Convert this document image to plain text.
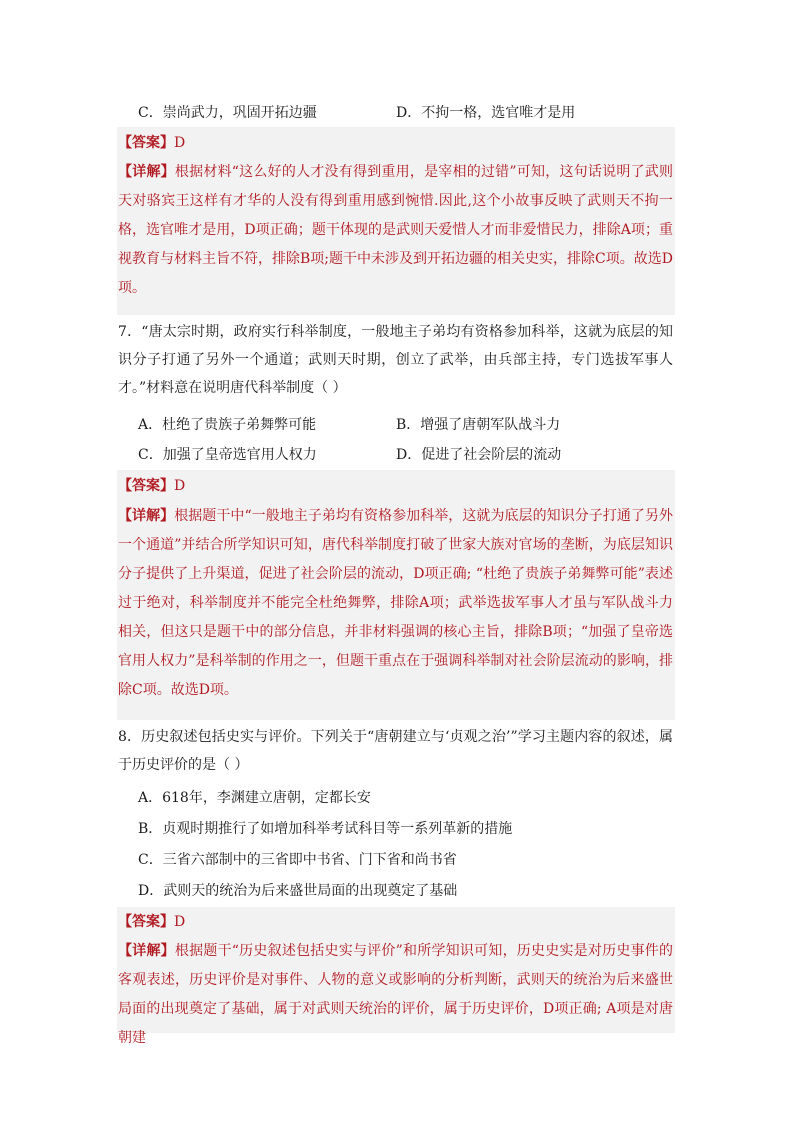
C．崇尚武力，巩固开拓边疆	D．不拘一格，选官唯才是用
【答案】D
【详解】根据材料“这么好的人才没有得到重用，是宰相的过错”可知，这句话说明了武则天对骆宾王这样有才华的人没有得到重用感到惋惜.因此,这个小故事反映了武则天不拘一格，选官唯才是用，D项正确；题干体现的是武则天爱惜人才而非爱惜民力，排除A项；重视教育与材料主旨不符，排除B项;题干中未涉及到开拓边疆的相关史实，排除C项。故选D项。
7．“唐太宗时期，政府实行科举制度，一般地主子弟均有资格参加科举，这就为底层的知识分子打通了另外一个通道；武则天时期，创立了武举，由兵部主持，专门选拔军事人才。”材料意在说明唐代科举制度（ ）
A．杜绝了贵族子弟舞弊可能	B．增强了唐朝军队战斗力
C．加强了皇帝选官用人权力	D．促进了社会阶层的流动
【答案】D
【详解】根据题干中“一般地主子弟均有资格参加科举，这就为底层的知识分子打通了另外一个通道”并结合所学知识可知，唐代科举制度打破了世家大族对官场的垄断，为底层知识分子提供了上升渠道，促进了社会阶层的流动，D项正确; “杜绝了贵族子弟舞弊可能”表述过于绝对，科举制度并不能完全杜绝舞弊，排除A项；武举选拔军事人才虽与军队战斗力相关，但这只是题干中的部分信息，并非材料强调的核心主旨，排除B项；“加强了皇帝选官用人权力”是科举制的作用之一，但题干重点在于强调科举制对社会阶层流动的影响，排除C项。故选D项。
8．历史叙述包括史实与评价。下列关于“唐朝建立与‘贞观之治’”学习主题内容的叙述，属于历史评价的是（ ）
A．618年，李渊建立唐朝，定都长安
B．贞观时期推行了如增加科举考试科目等一系列革新的措施
C．三省六部制中的三省即中书省、门下省和尚书省
D．武则天的统治为后来盛世局面的出现奠定了基础
【答案】D
【详解】根据题干“历史叙述包括史实与评价”和所学知识可知，历史史实是对历史事件的客观表述，历史评价是对事件、人物的意义或影响的分析判断，武则天的统治为后来盛世局面的出现奠定了基础，属于对武则天统治的评价，属于历史评价，D项正确; A项是对唐朝建
